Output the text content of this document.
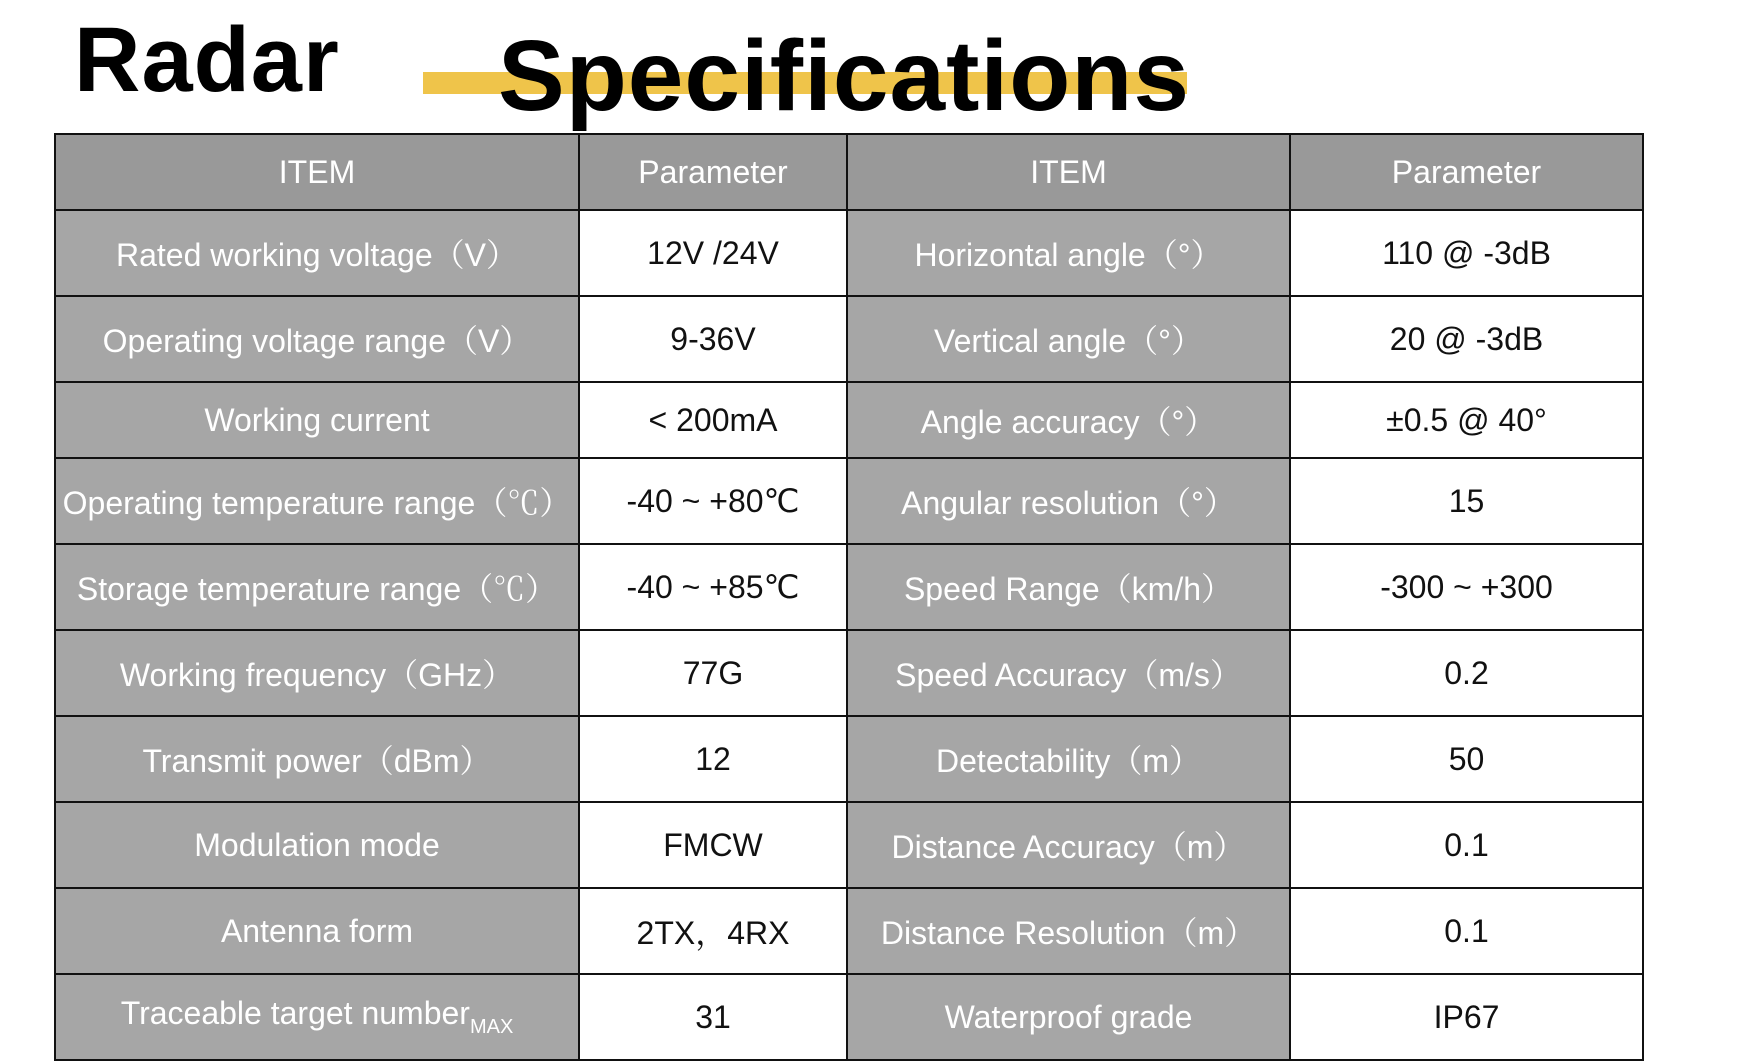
Radar Specifications
ITEM	Parameter	ITEM	Parameter
Rated working voltage（V）	12V /24V	Horizontal angle（°）	110 @ -3dB
Operating voltage range（V）	9-36V	Vertical angle（°）	20 @ -3dB
Working current	< 200mA	Angle accuracy（°）	±0.5 @ 40°
Operating temperature range（℃）	-40 ~ +80℃	Angular resolution（°）	15
Storage temperature range（℃）	-40 ~ +85℃	Speed Range（km/h）	-300 ~ +300
Working frequency（GHz）	77G	Speed Accuracy（m/s）	0.2
Transmit power（dBm）	12	Detectability（m）	50
Modulation mode	FMCW	Distance Accuracy（m）	0.1
Antenna form	2TX，4RX	Distance Resolution（m）	0.1
Traceable target number$_{MAX}$	31	Waterproof grade	IP67
